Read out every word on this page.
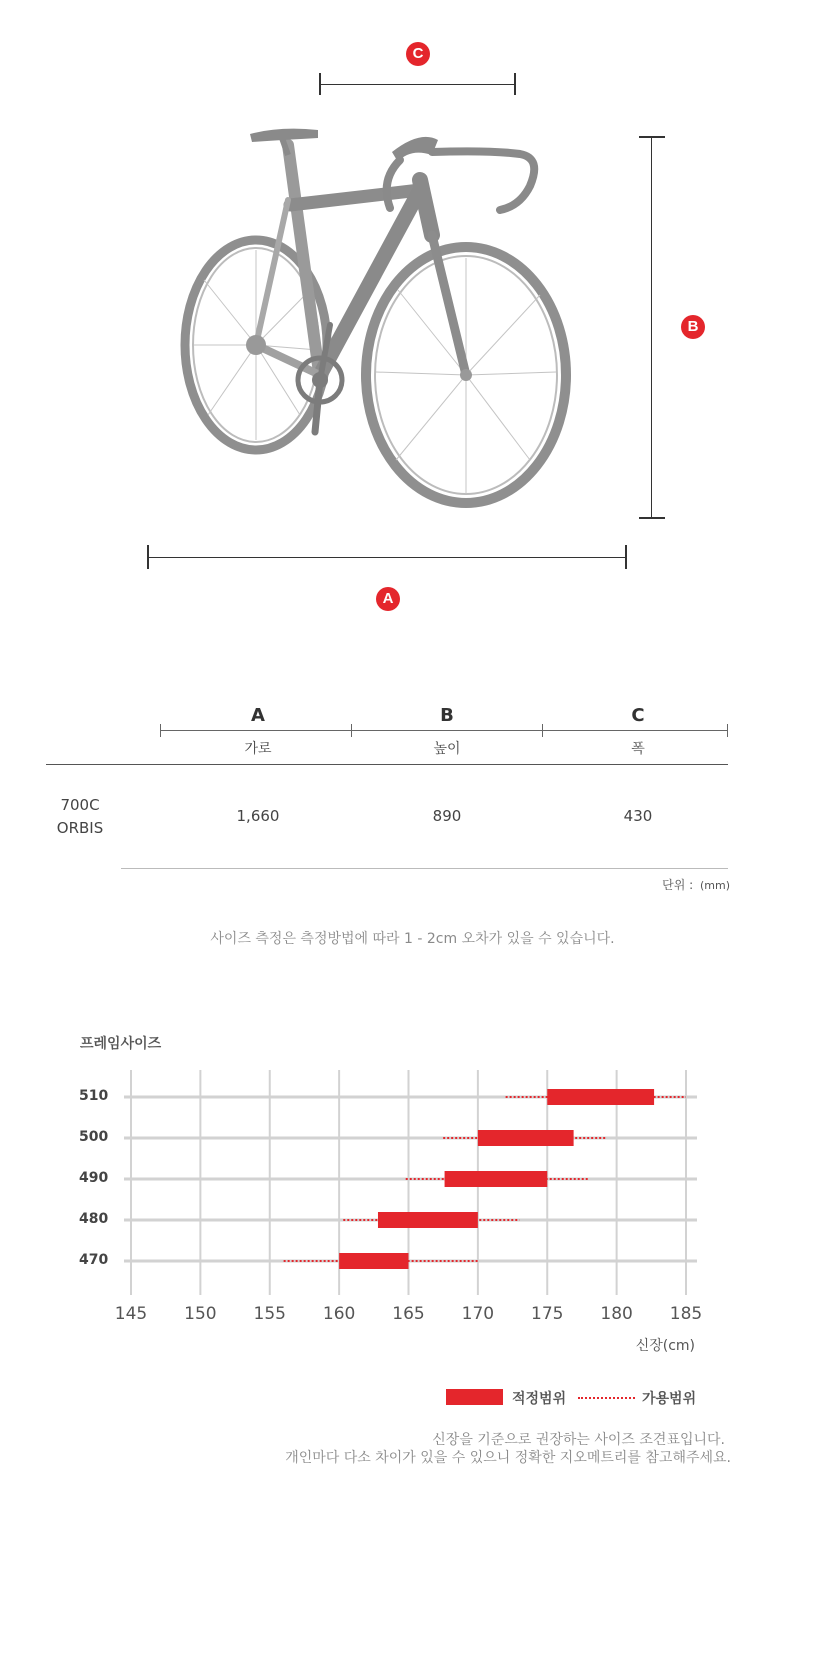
C
B
A
A	B	C
가로	높이	폭
700C
ORBIS
1,660	890	430
단위 : (mm)
사이즈 측정은 측정방법에 따라 1 - 2cm 오차가 있을 수 있습니다.
프레임사이즈
510
500
490
480
470
145	150	155	160	165	170	175	180	185
신장(cm)
적정범위	가용범위
신장을 기준으로 권장하는 사이즈 조견표입니다.
개인마다 다소 차이가 있을 수 있으니 정확한 지오메트리를 참고해주세요.
